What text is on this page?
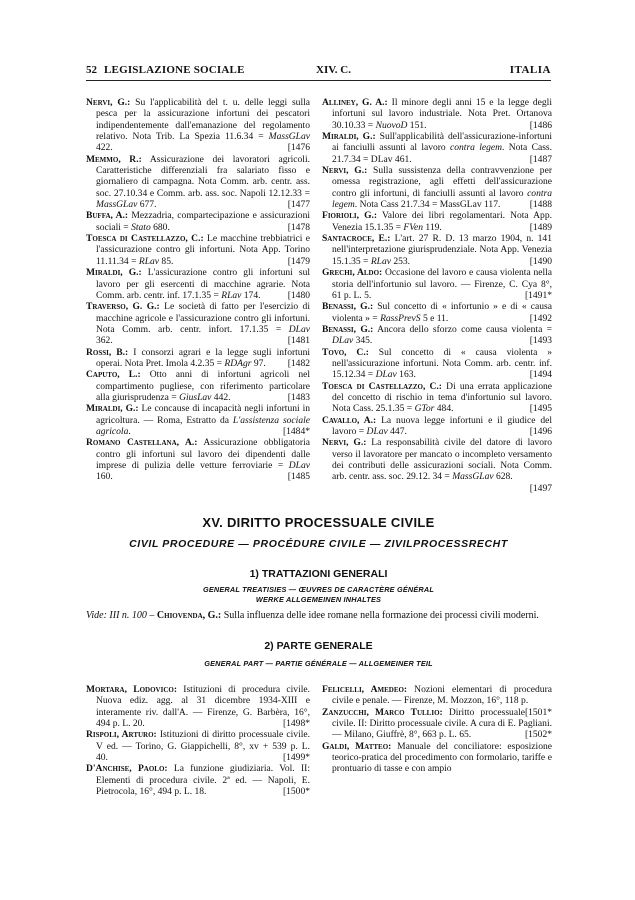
52 LEGISLAZIONE SOCIALE	XIV. C.	ITALIA
Nervi, G.: Su l'applicabilità del t. u. delle leggi sulla pesca per la assicurazione infortuni dei pescatori indipendentemente dall'emanazione del regolamento relativo. Nota Trib. La Spezia 11.6.34 = MassGLav 422.	[1476
Memmo, R.: Assicurazione dei lavoratori agricoli. Caratteristiche differenziali fra salariato fisso e giornaliero di campagna. Nota Comm. arb. centr. ass. soc. 27.10.34 e Comm. arb. ass. soc. Napoli 12.12.33 = MassGLav 677.	[1477
Buffa, A.: Mezzadria, compartecipazione e assicurazioni sociali = Stato 680.	[1478
Toesca di Castellazzo, C.: Le macchine trebbiatrici e l'assicurazione contro gli infortuni. Nota App. Torino 11.11.34 = RLav 85.	[1479
Miraldi, G.: L'assicurazione contro gli infortuni sul lavoro per gli esercenti di macchine agrarie. Nota Comm. arb. centr. inf. 17.1.35 = RLav 174.	[1480
Traverso, G. G.: Le società di fatto per l'esercizio di macchine agricole e l'assicurazione contro gli infortuni. Nota Comm. arb. centr. infort. 17.1.35 = DLav 362.	[1481
Rossi, B.: I consorzi agrari e la legge sugli infortuni operai. Nota Pret. Imola 4.2.35 = RDAgr 97. [1482
Caputo, L.: Otto anni di infortuni agricoli nel compartimento pugliese, con riferimento particolare alla giurisprudenza = GiusLav 442.	[1483
Miraldi, G.: Le concause di incapacità negli infortuni in agricoltura. — Roma, Estratto da L'assistenza sociale agricola.	[1484*
Romano Castellana, A.: Assicurazione obbligatoria contro gli infortuni sul lavoro dei dipendenti dalle imprese di pulizia delle vetture ferroviarie = DLav 160.	[1485
Alliney, G. A.: Il minore degli anni 15 e la legge degli infortuni sul lavoro industriale. Nota Pret. Ortanova 30.10.33 = NuovoD 151.	[1486
Miraldi, G.: Sull'applicabilità dell'assicurazione-infortuni ai fanciulli assunti al lavoro contra legem. Nota Cass. 21.7.34 = DLav 461.	[1487
Nervi, G.: Sulla sussistenza della contravvenzione per omessa registrazione, agli effetti dell'assicurazione contro gli infortuni, di fanciulli assunti al lavoro contra legem. Nota Cass 21.7.34 = MassGLav 117.	[1488
Fiorioli, G.: Valore dei libri regolamentari. Nota App. Venezia 15.1.35 = FVen 119.	[1489
Santacroce, E.: L'art. 27 R. D. 13 marzo 1904, n. 141 nell'interpretazione giurisprudenziale. Nota App. Venezia 15.1.35 = RLav 253.	[1490
Grechi, Aldo: Occasione del lavoro e causa violenta nella storia dell'infortunio sul lavoro. — Firenze, C. Cya 8°, 61 p. L. 5.	[1491*
Benassi, G.: Sul concetto di « infortunio » e di « causa violenta » = RassPrevS 5 e 11.	[1492
Benassi, G.: Ancora dello sforzo come causa violenta = DLav 345.	[1493
Tovo, C.: Sul concetto di « causa violenta » nell'assicurazione infortuni. Nota Comm. arb. centr. inf. 15.12.34 = DLav 163.	[1494
Toesca di Castellazzo, C.: Di una errata applicazione del concetto di rischio in tema d'infortunio sul lavoro. Nota Cass. 25.1.35 = GTor 484.	[1495
Cavallo, A.: La nuova legge infortuni e il giudice del lavoro = DLav 447.	[1496
Nervi, G.: La responsabilità civile del datore di lavoro verso il lavoratore per mancato o incompleto versamento dei contributi delle assicurazioni sociali. Nota Comm. arb. centr. ass. soc. 29.12. 34 = MassGLav 628.
[1497
XV. DIRITTO PROCESSUALE CIVILE
CIVIL PROCEDURE — PROCÉDURE CIVILE — ZIVILPROCESSRECHT
1) TRATTAZIONI GENERALI
GENERAL TREATISIES — ŒUVRES DE CARACTÈRE GÉNÉRAL
WERKE ALLGEMEINEN INHALTES
Vide: III n. 100 – Chiovenda, G.: Sulla influenza delle idee romane nella formazione dei processi civili moderni.
2) PARTE GENERALE
GENERAL PART — PARTIE GÉNÉRALE — ALLGEMEINER TEIL
Mortara, Lodovico: Istituzioni di procedura civile. Nuova ediz. agg. al 31 dicembre 1934-XIII e interamente riv. dall'A. — Firenze, G. Barbèra, 16°, 494 p. L. 20.	[1498*
Rispoli, Arturo: Istituzioni di diritto processuale civile. V ed. — Torino, G. Giappichelli, 8°, xv + 539 p. L. 40.	[1499*
D'Anchise, Paolo: La funzione giudiziaria. Vol. II: Elementi di procedura civile. 2ª ed. — Napoli, E. Pietrocola, 16°, 494 p. L. 18.	[1500*
Felicelli, Amedeo: Nozioni elementari di procedura civile e penale. — Firenze, M. Mozzon, 16°, 118 p.
[1501*
Zanzucchi, Marco Tullio: Diritto processuale civile. II: Diritto processuale civile. A cura di E. Pagliani. — Milano, Giuffrè, 8°, 663 p. L. 65.	[1502*
Galdi, Matteo: Manuale del conciliatore: esposizione teorico-pratica del procedimento con formolario, tariffe e prontuario di tasse e con ampio
